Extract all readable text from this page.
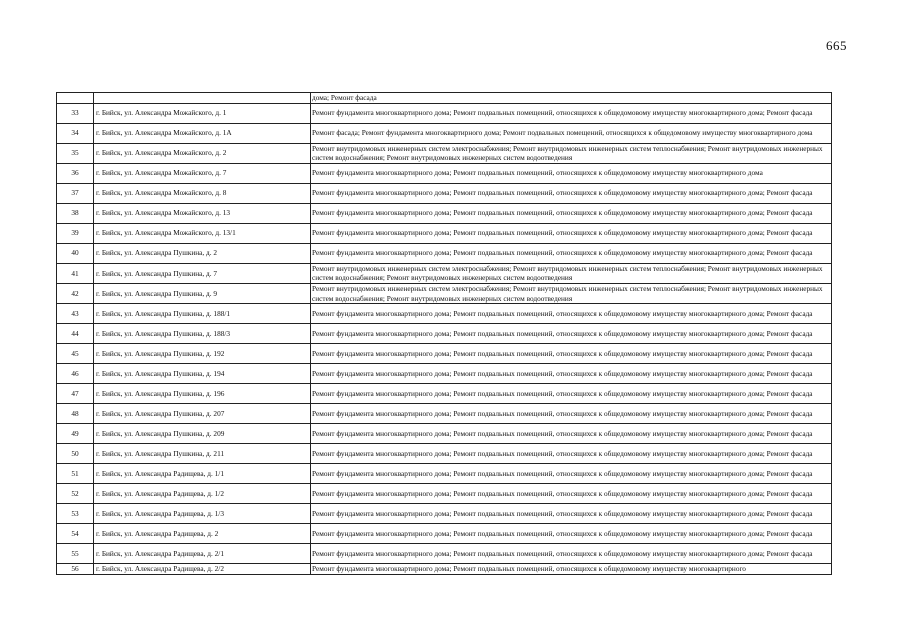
665
		дома; Ремонт фасада
33	г. Бийск, ул. Александра Можайского, д. 1	Ремонт фундамента многоквартирного дома; Ремонт подвальных помещений, относящихся к общедомовому имуществу многоквартирного дома; Ремонт фасада

34	г. Бийск, ул. Александра Можайского, д. 1А	Ремонт фасада; Ремонт фундамента многоквартирного дома; Ремонт подвальных помещений, относящихся к общедомовому имуществу многоквартирного дома

35	г. Бийск, ул. Александра Можайского, д. 2	Ремонт внутридомовых инженерных систем электроснабжения; Ремонт внутридомовых инженерных систем теплоснабжения; Ремонт внутридомовых инженерных систем водоснабжения; Ремонт внутридомовых инженерных систем водоотведения

36	г. Бийск, ул. Александра Можайского, д. 7	Ремонт фундамента многоквартирного дома; Ремонт подвальных помещений, относящихся к общедомовому имуществу многоквартирного дома

37	г. Бийск, ул. Александра Можайского, д. 8	Ремонт фундамента многоквартирного дома; Ремонт подвальных помещений, относящихся к общедомовому имуществу многоквартирного дома; Ремонт фасада

38	г. Бийск, ул. Александра Можайского, д. 13	Ремонт фундамента многоквартирного дома; Ремонт подвальных помещений, относящихся к общедомовому имуществу многоквартирного дома; Ремонт фасада

39	г. Бийск, ул. Александра Можайского, д. 13/1	Ремонт фундамента многоквартирного дома; Ремонт подвальных помещений, относящихся к общедомовому имуществу многоквартирного дома; Ремонт фасада

40	г. Бийск, ул. Александра Пушкина, д. 2	Ремонт фундамента многоквартирного дома; Ремонт подвальных помещений, относящихся к общедомовому имуществу многоквартирного дома; Ремонт фасада

41	г. Бийск, ул. Александра Пушкина, д. 7	Ремонт внутридомовых инженерных систем электроснабжения; Ремонт внутридомовых инженерных систем теплоснабжения; Ремонт внутридомовых инженерных систем водоснабжения; Ремонт внутридомовых инженерных систем водоотведения

42	г. Бийск, ул. Александра Пушкина, д. 9	Ремонт внутридомовых инженерных систем электроснабжения; Ремонт внутридомовых инженерных систем теплоснабжения; Ремонт внутридомовых инженерных систем водоснабжения; Ремонт внутридомовых инженерных систем водоотведения

43	г. Бийск, ул. Александра Пушкина, д. 188/1	Ремонт фундамента многоквартирного дома; Ремонт подвальных помещений, относящихся к общедомовому имуществу многоквартирного дома; Ремонт фасада

44	г. Бийск, ул. Александра Пушкина, д. 188/3	Ремонт фундамента многоквартирного дома; Ремонт подвальных помещений, относящихся к общедомовому имуществу многоквартирного дома; Ремонт фасада

45	г. Бийск, ул. Александра Пушкина, д. 192	Ремонт фундамента многоквартирного дома; Ремонт подвальных помещений, относящихся к общедомовому имуществу многоквартирного дома; Ремонт фасада

46	г. Бийск, ул. Александра Пушкина, д. 194	Ремонт фундамента многоквартирного дома; Ремонт подвальных помещений, относящихся к общедомовому имуществу многоквартирного дома; Ремонт фасада

47	г. Бийск, ул. Александра Пушкина, д. 196	Ремонт фундамента многоквартирного дома; Ремонт подвальных помещений, относящихся к общедомовому имуществу многоквартирного дома; Ремонт фасада

48	г. Бийск, ул. Александра Пушкина, д. 207	Ремонт фундамента многоквартирного дома; Ремонт подвальных помещений, относящихся к общедомовому имуществу многоквартирного дома; Ремонт фасада

49	г. Бийск, ул. Александра Пушкина, д. 209	Ремонт фундамента многоквартирного дома; Ремонт подвальных помещений, относящихся к общедомовому имуществу многоквартирного дома; Ремонт фасада

50	г. Бийск, ул. Александра Пушкина, д. 211	Ремонт фундамента многоквартирного дома; Ремонт подвальных помещений, относящихся к общедомовому имуществу многоквартирного дома; Ремонт фасада

51	г. Бийск, ул. Александра Радищева, д. 1/1	Ремонт фундамента многоквартирного дома; Ремонт подвальных помещений, относящихся к общедомовому имуществу многоквартирного дома; Ремонт фасада

52	г. Бийск, ул. Александра Радищева, д. 1/2	Ремонт фундамента многоквартирного дома; Ремонт подвальных помещений, относящихся к общедомовому имуществу многоквартирного дома; Ремонт фасада

53	г. Бийск, ул. Александра Радищева, д. 1/3	Ремонт фундамента многоквартирного дома; Ремонт подвальных помещений, относящихся к общедомовому имуществу многоквартирного дома; Ремонт фасада

54	г. Бийск, ул. Александра Радищева, д. 2	Ремонт фундамента многоквартирного дома; Ремонт подвальных помещений, относящихся к общедомовому имуществу многоквартирного дома; Ремонт фасада

55	г. Бийск, ул. Александра Радищева, д. 2/1	Ремонт фундамента многоквартирного дома; Ремонт подвальных помещений, относящихся к общедомовому имуществу многоквартирного дома; Ремонт фасада

56	г. Бийск, ул. Александра Радищева, д. 2/2	Ремонт фундамента многоквартирного дома; Ремонт подвальных помещений, относящихся к общедомовому имуществу многоквартирного
